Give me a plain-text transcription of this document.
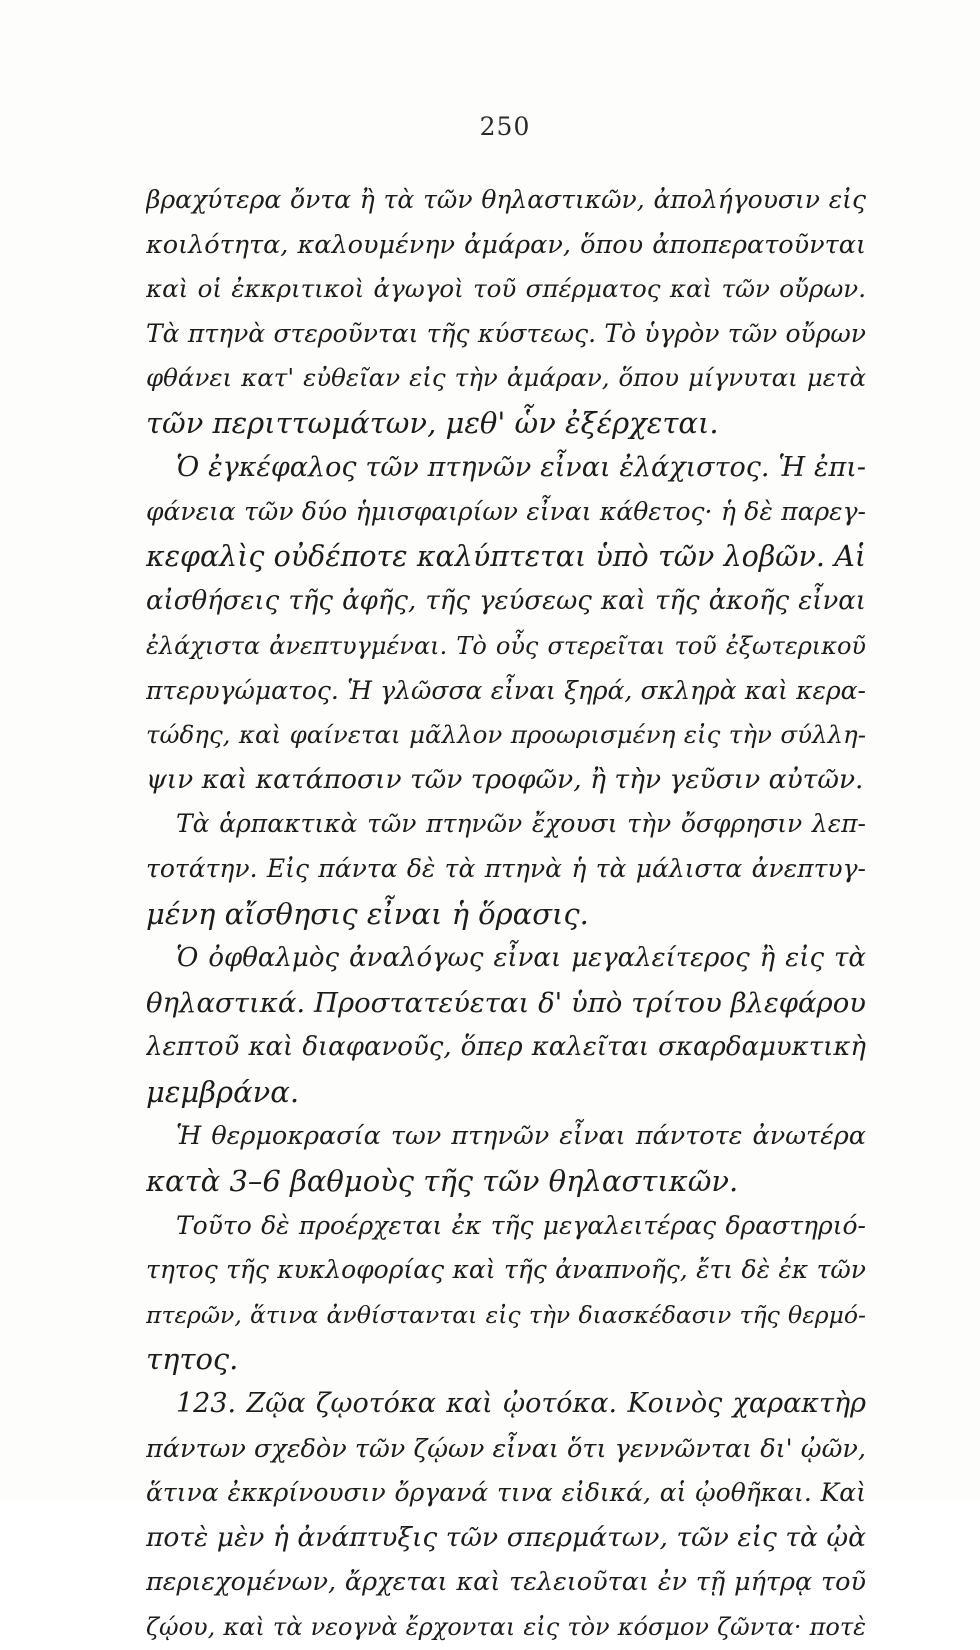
250
βραχύτερα ὄντα ἢ τὰ τῶν θηλαστικῶν, ἀπολήγουσιν εἰς
κοιλότητα, καλουμένην ἀμάραν, ὅπου ἀποπερατοῦνται
καὶ οἱ ἐκκριτικοὶ ἀγωγοὶ τοῦ σπέρματος καὶ τῶν οὔρων.
Τὰ πτηνὰ στεροῦνται τῆς κύστεως. Τὸ ὑγρὸν τῶν οὔρων
φθάνει κατ' εὐθεῖαν εἰς τὴν ἀμάραν, ὅπου μίγνυται μετὰ
τῶν περιττωμάτων, μεθ' ὧν ἐξέρχεται.
Ὁ ἐγκέφαλος τῶν πτηνῶν εἶναι ἐλάχιστος. Ἡ ἐπι-
φάνεια τῶν δύο ἡμισφαιρίων εἶναι κάθετος· ἡ δὲ παρεγ-
κεφαλὶς οὐδέποτε καλύπτεται ὑπὸ τῶν λοβῶν. Αἱ
αἰσθήσεις τῆς ἀφῆς, τῆς γεύσεως καὶ τῆς ἀκοῆς εἶναι
ἐλάχιστα ἀνεπτυγμέναι. Τὸ οὖς στερεῖται τοῦ ἐξωτερικοῦ
πτερυγώματος. Ἡ γλῶσσα εἶναι ξηρά, σκληρὰ καὶ κερα-
τώδης, καὶ φαίνεται μᾶλλον προωρισμένη εἰς τὴν σύλλη-
ψιν καὶ κατάποσιν τῶν τροφῶν, ἢ τὴν γεῦσιν αὐτῶν.
Τὰ ἁρπακτικὰ τῶν πτηνῶν ἔχουσι τὴν ὄσφρησιν λεπ-
τοτάτην. Εἰς πάντα δὲ τὰ πτηνὰ ἡ τὰ μάλιστα ἀνεπτυγ-
μένη αἴσθησις εἶναι ἡ ὅρασις.
Ὁ ὀφθαλμὸς ἀναλόγως εἶναι μεγαλείτερος ἢ εἰς τὰ
θηλαστικά. Προστατεύεται δ' ὑπὸ τρίτου βλεφάρου
λεπτοῦ καὶ διαφανοῦς, ὅπερ καλεῖται σκαρδαμυκτικὴ
μεμβράνα.
Ἡ θερμοκρασία των πτηνῶν εἶναι πάντοτε ἀνωτέρα
κατὰ 3–6 βαθμοὺς τῆς τῶν θηλαστικῶν.
Τοῦτο δὲ προέρχεται ἐκ τῆς μεγαλειτέρας δραστηριό-
τητος τῆς κυκλοφορίας καὶ τῆς ἀναπνοῆς, ἔτι δὲ ἐκ τῶν
πτερῶν, ἅτινα ἀνθίστανται εἰς τὴν διασκέδασιν τῆς θερμό-
τητος.
123. Ζῷα ζῳοτόκα καὶ ᾠοτόκα. Κοινὸς χαρακτὴρ
πάντων σχεδὸν τῶν ζῴων εἶναι ὅτι γεννῶνται δι' ᾠῶν,
ἅτινα ἐκκρίνουσιν ὄργανά τινα εἰδικά, αἱ ᾠοθῆκαι. Καὶ
ποτὲ μὲν ἡ ἀνάπτυξις τῶν σπερμάτων, τῶν εἰς τὰ ᾠὰ
περιεχομένων, ἄρχεται καὶ τελειοῦται ἐν τῇ μήτρᾳ τοῦ
ζῴου, καὶ τὰ νεογνὰ ἔρχονται εἰς τὸν κόσμον ζῶντα· ποτὲ
